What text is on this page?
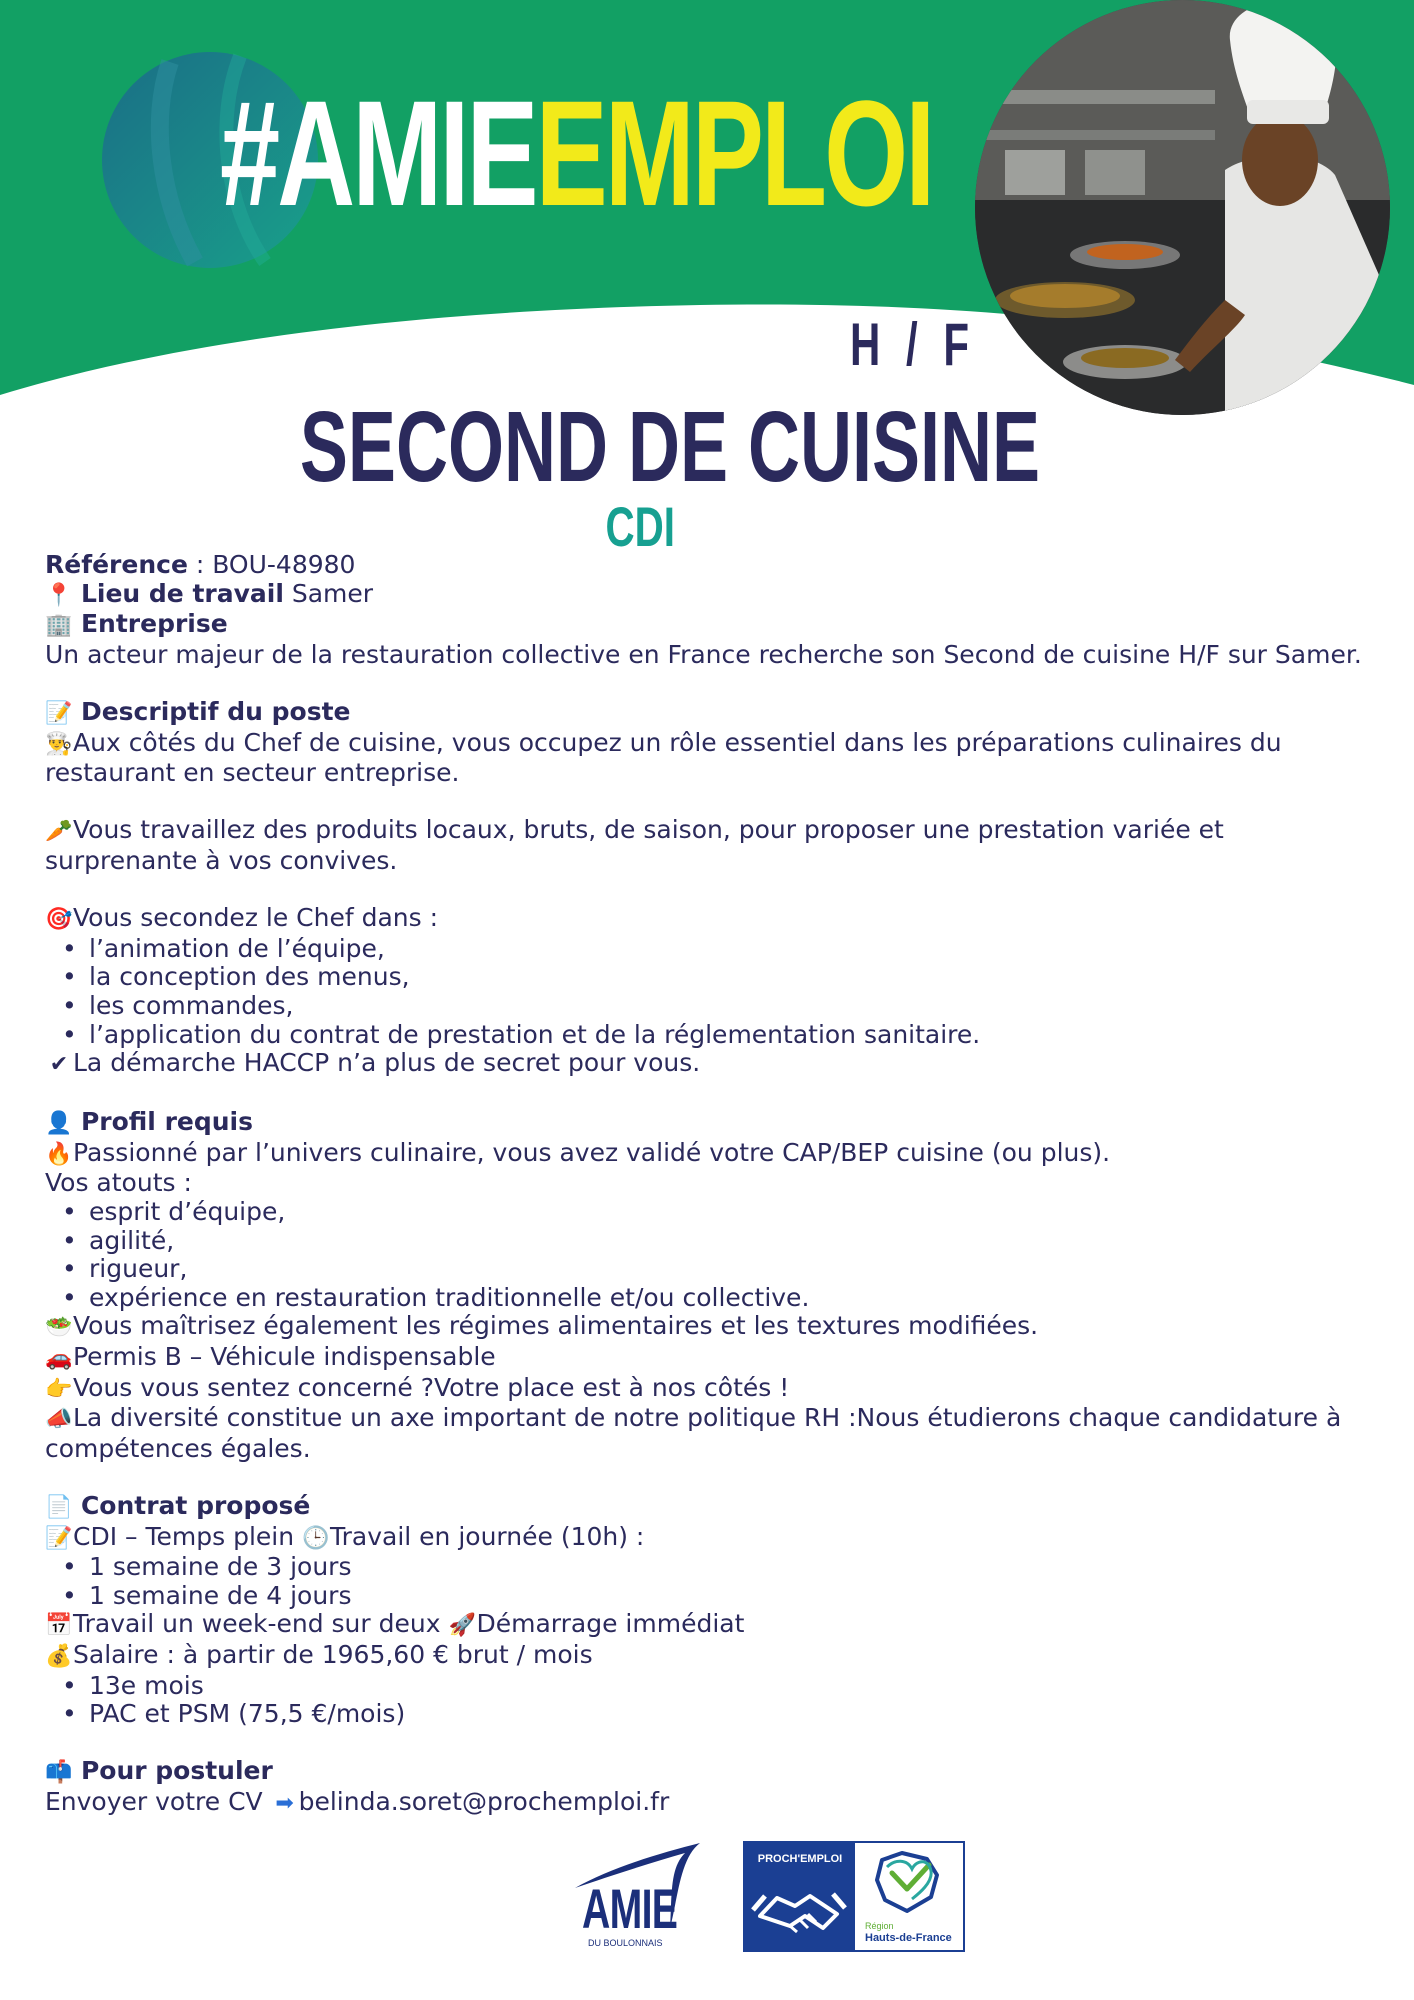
#AMIEEMPLOI
H / F
SECOND DE CUISINE
CDI
Référence : BOU-48980
📍 Lieu de travail Samer
🏢 Entreprise
Un acteur majeur de la restauration collective en France recherche son Second de cuisine H/F sur Samer.
📝 Descriptif du poste
👨‍🍳Aux côtés du Chef de cuisine, vous occupez un rôle essentiel dans les préparations culinaires du restaurant en secteur entreprise.
🥕Vous travaillez des produits locaux, bruts, de saison, pour proposer une prestation variée et surprenante à vos convives.
🎯Vous secondez le Chef dans :
• l’animation de l’équipe,
• la conception des menus,
• les commandes,
• l’application du contrat de prestation et de la réglementation sanitaire.
✔ La démarche HACCP n’a plus de secret pour vous.
👤 Profil requis
🔥Passionné par l’univers culinaire, vous avez validé votre CAP/BEP cuisine (ou plus).
Vos atouts :
• esprit d’équipe,
• agilité,
• rigueur,
• expérience en restauration traditionnelle et/ou collective.
🥗Vous maîtrisez également les régimes alimentaires et les textures modifiées.
🚗Permis B – Véhicule indispensable
👉Vous vous sentez concerné ?Votre place est à nos côtés !
📣La diversité constitue un axe important de notre politique RH :Nous étudierons chaque candidature à compétences égales.
📄 Contrat proposé
📝CDI – Temps plein 🕒Travail en journée (10h) :
• 1 semaine de 3 jours
• 1 semaine de 4 jours
📅Travail un week-end sur deux 🚀Démarrage immédiat
💰Salaire : à partir de 1965,60 € brut / mois
• 13e mois
• PAC et PSM (75,5 €/mois)
📫 Pour postuler
Envoyer votre CV ➡ belinda.soret@prochemploi.fr
AMIE
DU BOULONNAIS
PROCH'EMPLOI
Région
Hauts-de-France
